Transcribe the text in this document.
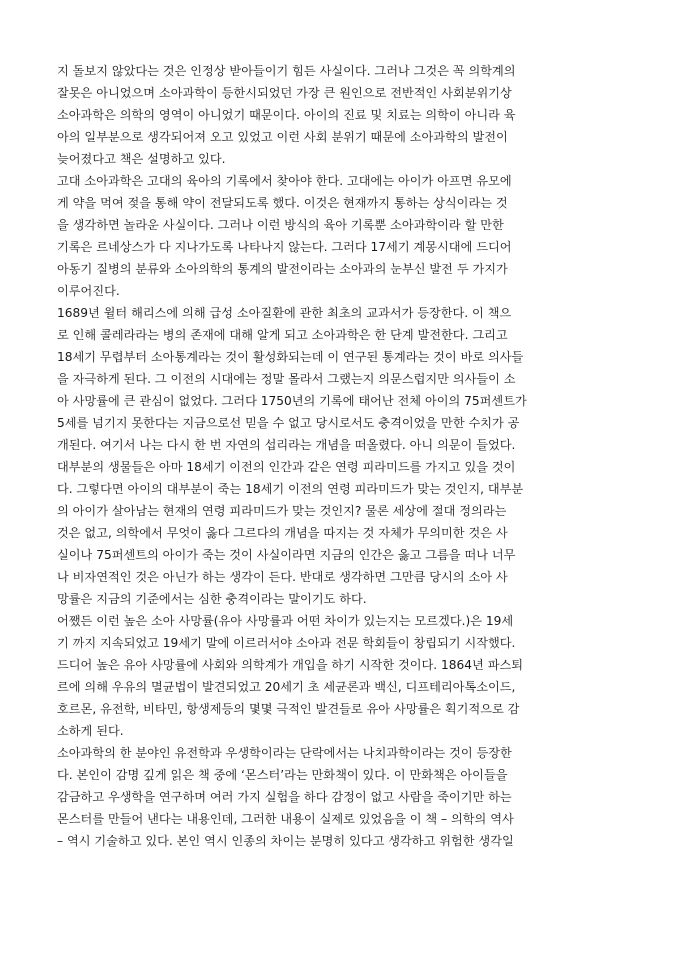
지 돌보지 않았다는 것은 인정상 받아들이기 힘든 사실이다. 그러나 그것은 꼭 의학계의
잘못은 아니었으며 소아과학이 등한시되었던 가장 큰 원인으로 전반적인 사회분위기상
소아과학은 의학의 영역이 아니었기 때문이다. 아이의 진료 및 치료는 의학이 아니라 육
아의 일부분으로 생각되어져 오고 있었고 이런 사회 분위기 때문에 소아과학의 발전이
늦어졌다고 책은 설명하고 있다.

고대 소아과학은 고대의 육아의 기록에서 찾아야 한다. 고대에는 아이가 아프면 유모에
게 약을 먹여 젖을 통해 약이 전달되도록 했다. 이것은 현재까지 통하는 상식이라는 것
을 생각하면 놀라운 사실이다. 그러나 이런 방식의 육아 기록뿐 소아과학이라 할 만한
기록은 르네상스가 다 지나가도록 나타나지 않는다. 그러다 17세기 계몽시대에 드디어
아동기 질병의 분류와 소아의학의 통계의 발전이라는 소아과의 눈부신 발전 두 가지가
이루어진다.

1689년 윌터 해리스에 의해 급성 소아질환에 관한 최초의 교과서가 등장한다. 이 책으
로 인해 콜레라라는 병의 존재에 대해 알게 되고 소아과학은 한 단계 발전한다. 그리고
18세기 무렵부터 소아통계라는 것이 활성화되는데 이 연구된 통계라는 것이 바로 의사들
을 자극하게 된다. 그 이전의 시대에는 정말 몰라서 그랬는지 의문스럽지만 의사들이 소
아 사망률에 큰 관심이 없었다. 그러다 1750년의 기록에 태어난 전체 아이의 75퍼센트가
5세를 넘기지 못한다는 지금으로선 믿을 수 없고 당시로서도 충격이었을 만한 수치가 공
개된다. 여기서 나는 다시 한 번 자연의 섭리라는 개념을 떠올렸다. 아니 의문이 들었다.
대부분의 생물들은 아마 18세기 이전의 인간과 같은 연령 피라미드를 가지고 있을 것이
다. 그렇다면 아이의 대부분이 죽는 18세기 이전의 연령 피라미드가 맞는 것인지, 대부분
의 아이가 살아남는 현재의 연령 피라미드가 맞는 것인지? 물론 세상에 절대 정의라는
것은 없고, 의학에서 무엇이 옳다 그르다의 개념을 따지는 것 자체가 무의미한 것은 사
실이나 75퍼센트의 아이가 죽는 것이 사실이라면 지금의 인간은 옳고 그름을 떠나 너무
나 비자연적인 것은 아닌가 하는 생각이 든다. 반대로 생각하면 그만큼 당시의 소아 사
망률은 지금의 기준에서는 심한 충격이라는 말이기도 하다.

어쨌든 이런 높은 소아 사망률(유아 사망률과 어떤 차이가 있는지는 모르겠다.)은 19세
기 까지 지속되었고 19세기 말에 이르러서야 소아과 전문 학회들이 창립되기 시작했다.
드디어 높은 유아 사망률에 사회와 의학계가 개입을 하기 시작한 것이다. 1864년 파스퇴
르에 의해 우유의 멸균법이 발견되었고 20세기 초 세균론과 백신, 디프테리아톡소이드,
호르몬, 유전학, 비타민, 항생제등의 몇몇 극적인 발견들로 유아 사망률은 획기적으로 감
소하게 된다.

소아과학의 한 분야인 유전학과 우생학이라는 단락에서는 나치과학이라는 것이 등장한
다. 본인이 감명 깊게 읽은 책 중에 ‘몬스터’라는 만화책이 있다. 이 만화책은 아이들을
감금하고 우생학을 연구하며 여러 가지 실험을 하다 감정이 없고 사람을 죽이기만 하는
몬스터를 만들어 낸다는 내용인데, 그러한 내용이 실제로 있었음을 이 책 – 의학의 역사
– 역시 기술하고 있다. 본인 역시 인종의 차이는 분명히 있다고 생각하고 위험한 생각일
